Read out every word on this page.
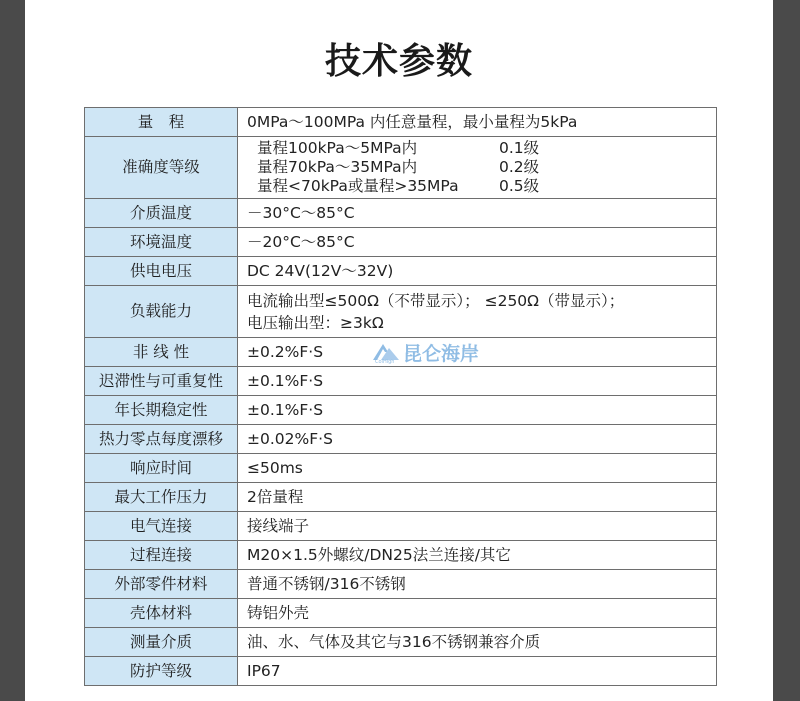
技术参数
量　程	0MPa～100MPa 内任意量程，最小量程为5kPa
准确度等级	量程100kPa～5MPa内 0.1级
量程70kPa～35MPa内 0.2级
量程<70kPa或量程>35MPa 0.5级

介质温度	－30°C～85°C
环境温度	－20°C～85°C
供电电压	DC 24V(12V～32V)
负载能力	电流输出型≤500Ω（不带显示）； ≤250Ω（带显示）；
电压输出型：≥3kΩ

非 线 性	±0.2%F·S
迟滞性与可重复性	±0.1%F·S
年长期稳定性	±0.1%F·S
热力零点每度漂移	±0.02%F·S
响应时间	≤50ms
最大工作压力	2倍量程
电气连接	接线端子
过程连接	M20×1.5外螺纹/DN25法兰连接/其它
外部零件材料	普通不锈钢/316不锈钢
壳体材料	铸铝外壳
测量介质	油、水、气体及其它与316不锈钢兼容介质
防护等级	IP67
昆仑海岸
ColHigh
